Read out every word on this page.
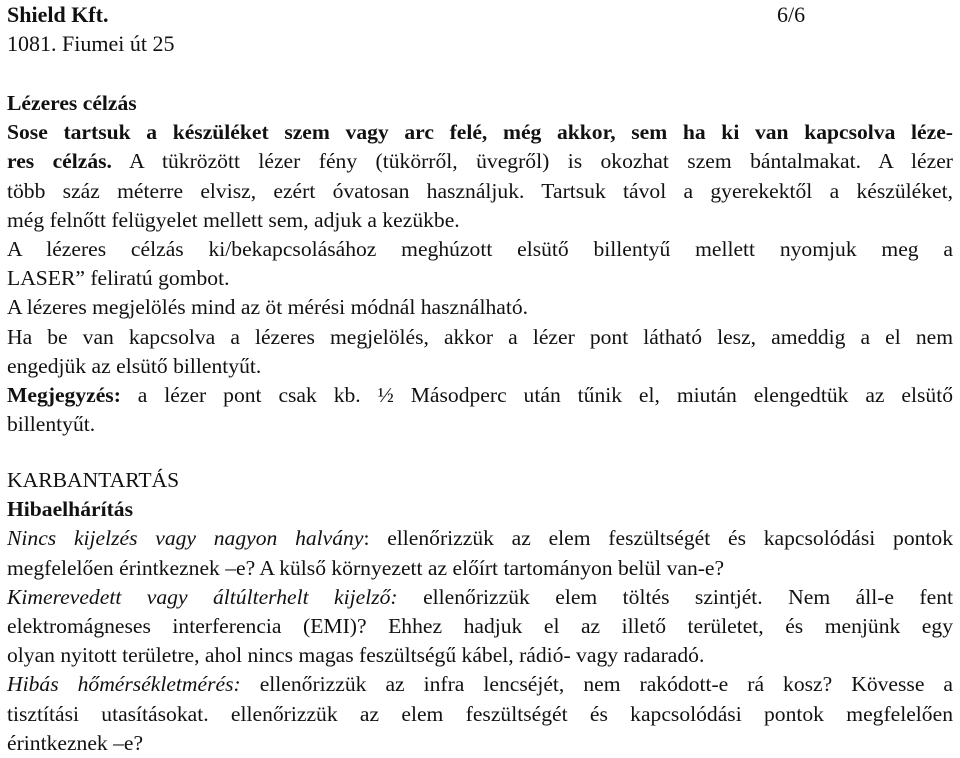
Shield Kft.
1081. Fiumei út 25
6/6
Lézeres célzás
Sose tartsuk a készüléket szem vagy arc felé, még akkor, sem ha ki van kapcsolva léze-
res célzás. A tükrözött lézer fény (tükörről, üvegről) is okozhat szem bántalmakat. A lézer
több száz méterre elvisz, ezért óvatosan használjuk. Tartsuk távol a gyerekektől a készüléket,
még felnőtt felügyelet mellett sem, adjuk a kezükbe.
A lézeres célzás ki/bekapcsolásához meghúzott elsütő billentyű mellett nyomjuk meg a
LASER” feliratú gombot.
A lézeres megjelölés mind az öt mérési módnál használható.
Ha be van kapcsolva a lézeres megjelölés, akkor a lézer pont látható lesz, ameddig a el nem
engedjük az elsütő billentyűt.
Megjegyzés: a lézer pont csak kb. ½ Másodperc után tűnik el, miután elengedtük az elsütő
billentyűt.
KARBANTARTÁS
Hibaelhárítás
Nincs kijelzés vagy nagyon halvány: ellenőrizzük az elem feszültségét és kapcsolódási pontok
megfelelően érintkeznek –e? A külső környezett az előírt tartományon belül van-e?
Kimerevedett vagy áltúlterhelt kijelző: ellenőrizzük elem töltés szintjét. Nem áll-e fent
elektromágneses interferencia (EMI)? Ehhez hadjuk el az illető területet, és menjünk egy
olyan nyitott területre, ahol nincs magas feszültségű kábel, rádió- vagy radaradó.
Hibás hőmérsékletmérés: ellenőrizzük az infra lencséjét, nem rakódott-e rá kosz? Kövesse a
tisztítási utasításokat. ellenőrizzük az elem feszültségét és kapcsolódási pontok megfelelően
érintkeznek –e?
